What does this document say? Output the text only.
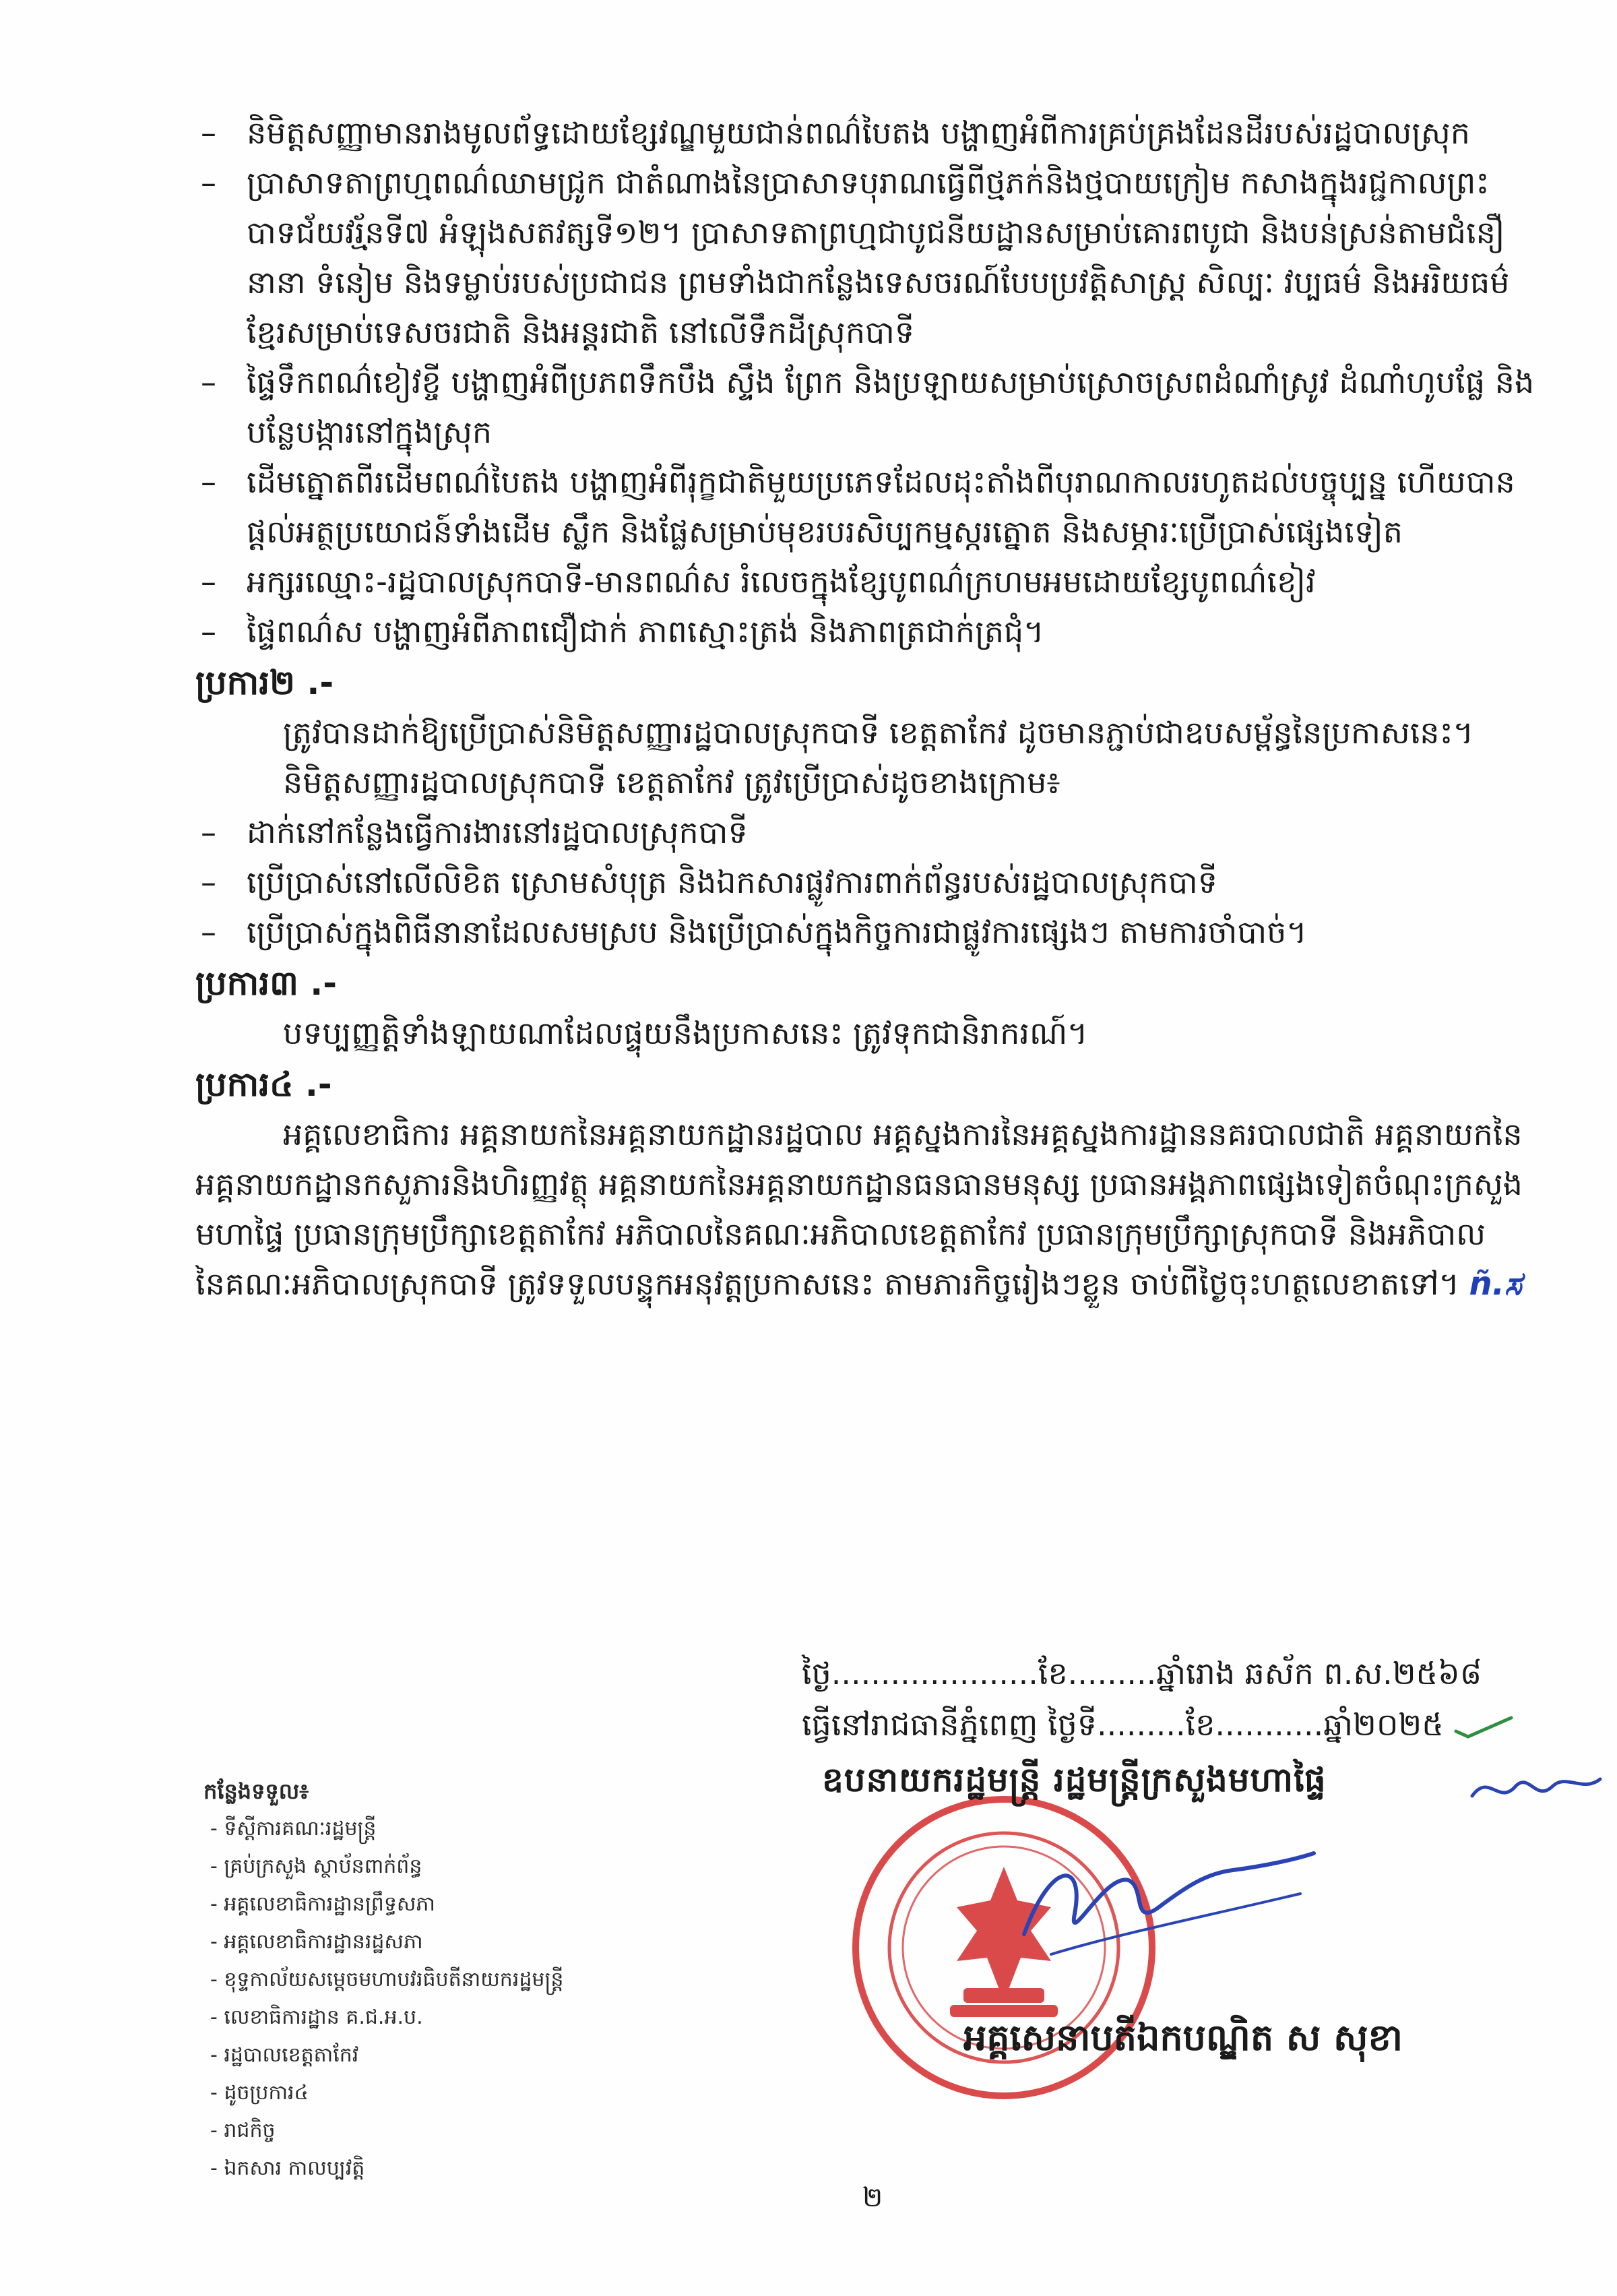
– និមិត្តសញ្ញាមានរាងមូលព័ទ្ធដោយខ្សែវណ្ឌមួយជាន់ពណ៌បៃតង បង្ហាញអំពីការគ្រប់គ្រងដែនដីរបស់រដ្ឋបាលស្រុក
– ប្រាសាទតាព្រហ្មពណ៌ឈាមជ្រូក ជាតំណាងនៃប្រាសាទបុរាណធ្វើពីថ្មភក់និងថ្មបាយក្រៀម កសាងក្នុងរជ្ជកាលព្រះបាទជ័យវរ្ម័នទី៧ អំឡុងសតវត្សទី១២។ ប្រាសាទតាព្រហ្មជាបូជនីយដ្ឋានសម្រាប់គោរពបូជា និងបន់ស្រន់តាមជំនឿនានា ទំនៀម និងទម្លាប់របស់ប្រជាជន ព្រមទាំងជាកន្លែងទេសចរណ៍បែបប្រវត្តិសាស្ត្រ សិល្បៈ វប្បធម៌ និងអរិយធម៌ខ្មែរសម្រាប់ទេសចរជាតិ និងអន្តរជាតិ នៅលើទឹកដីស្រុកបាទី
– ផ្ទៃទឹកពណ៌ខៀវខ្ចី បង្ហាញអំពីប្រភពទឹកបឹង ស្ទឹង ព្រែក និងប្រឡាយសម្រាប់ស្រោចស្រពដំណាំស្រូវ ដំណាំហូបផ្លែ និងបន្លែបង្ការនៅក្នុងស្រុក
– ដើមត្នោតពីរដើមពណ៌បៃតង បង្ហាញអំពីរុក្ខជាតិមួយប្រភេទដែលដុះតាំងពីបុរាណកាលរហូតដល់បច្ចុប្បន្ន ហើយបានផ្តល់អត្ថប្រយោជន៍ទាំងដើម ស្លឹក និងផ្លែសម្រាប់មុខរបរសិប្បកម្មស្ករត្នោត និងសម្ភារៈប្រើប្រាស់ផ្សេងទៀត
– អក្សរឈ្មោះ-រដ្ឋបាលស្រុកបាទី-មានពណ៌ស រំលេចក្នុងខ្សែបូពណ៌ក្រហមអមដោយខ្សែបូពណ៌ខៀវ
– ផ្ទៃពណ៌ស បង្ហាញអំពីភាពជឿជាក់ ភាពស្មោះត្រង់ និងភាពត្រជាក់ត្រជុំ។
ប្រការ២ .-
ត្រូវបានដាក់ឱ្យប្រើប្រាស់និមិត្តសញ្ញារដ្ឋបាលស្រុកបាទី ខេត្តតាកែវ ដូចមានភ្ជាប់ជាឧបសម្ព័ន្ធនៃប្រកាសនេះ។
និមិត្តសញ្ញារដ្ឋបាលស្រុកបាទី ខេត្តតាកែវ ត្រូវប្រើប្រាស់ដូចខាងក្រោម៖
– ដាក់នៅកន្លែងធ្វើការងារនៅរដ្ឋបាលស្រុកបាទី
– ប្រើប្រាស់នៅលើលិខិត ស្រោមសំបុត្រ និងឯកសារផ្លូវការពាក់ព័ន្ធរបស់រដ្ឋបាលស្រុកបាទី
– ប្រើប្រាស់ក្នុងពិធីនានាដែលសមស្រប និងប្រើប្រាស់ក្នុងកិច្ចការជាផ្លូវការផ្សេងៗ តាមការចាំបាច់។
ប្រការ៣ .-
បទប្បញ្ញត្តិទាំងឡាយណាដែលផ្ទុយនឹងប្រកាសនេះ ត្រូវទុកជានិរាករណ៍។
ប្រការ៤ .-
អគ្គលេខាធិការ អគ្គនាយកនៃអគ្គនាយកដ្ឋានរដ្ឋបាល អគ្គស្នងការនៃអគ្គស្នងការដ្ឋាននគរបាលជាតិ អគ្គនាយកនៃអគ្គនាយកដ្ឋានកសួភារនិងហិរញ្ញវត្ថុ អគ្គនាយកនៃអគ្គនាយកដ្ឋានធនធានមនុស្ស ប្រធានអង្គភាពផ្សេងទៀតចំណុះក្រសួងមហាផ្ទៃ ប្រធានក្រុមប្រឹក្សាខេត្តតាកែវ អភិបាលនៃគណៈអភិបាលខេត្តតាកែវ ប្រធានក្រុមប្រឹក្សាស្រុកបាទី និងអភិបាលនៃគណៈអភិបាលស្រុកបាទី ត្រូវទទួលបន្ទុកអនុវត្តប្រកាសនេះ តាមភារកិច្ចរៀងៗខ្លួន ចាប់ពីថ្ងៃចុះហត្ថលេខាតទៅ។ ñ.ಸ
ថ្ងៃ.....................ខែ.........ឆ្នាំរោង ឆស័ក ព.ស.២៥៦៨
ធ្វើនៅរាជធានីភ្នំពេញ ថ្ងៃទី.........ខែ...........ឆ្នាំ២០២៥
ឧបនាយករដ្ឋមន្ត្រី រដ្ឋមន្ត្រីក្រសួងមហាផ្ទៃ
អគ្គសេនាបតីឯកបណ្ឌិត ស សុខា
កន្លែងទទួល៖
- ទីស្តីការគណៈរដ្ឋមន្ត្រី
- គ្រប់ក្រសួង ស្ថាប័នពាក់ព័ន្ធ
- អគ្គលេខាធិការដ្ឋានព្រឹទ្ធសភា
- អគ្គលេខាធិការដ្ឋានរដ្ឋសភា
- ខុទ្ទកាល័យសម្តេចមហាបវរធិបតីនាយករដ្ឋមន្ត្រី
- លេខាធិការដ្ឋាន គ.ជ.អ.ប.
- រដ្ឋបាលខេត្តតាកែវ
- ដូចប្រការ៤
- រាជកិច្ច
- ឯកសារ កាលប្បវត្តិ
២
